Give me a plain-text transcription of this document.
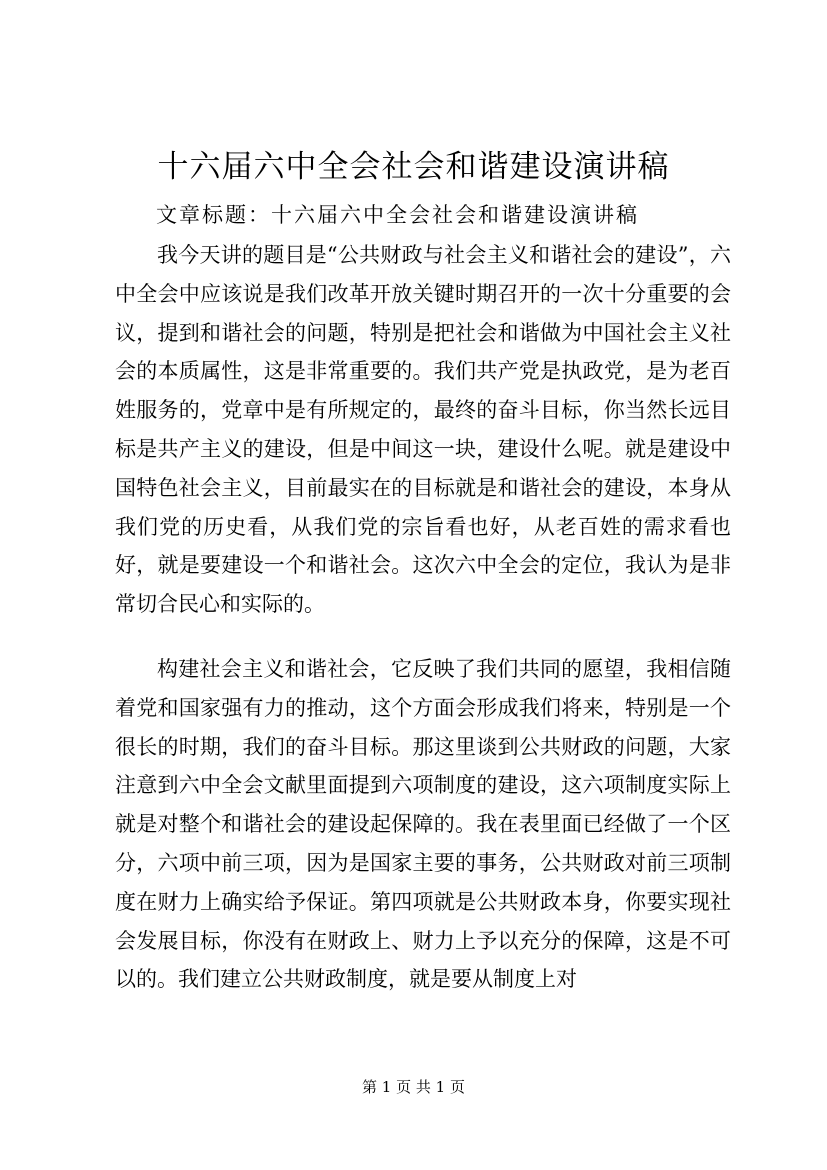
十六届六中全会社会和谐建设演讲稿
文章标题：十六届六中全会社会和谐建设演讲稿

我今天讲的题目是“公共财政与社会主义和谐社会的建设”，六中全会中应该说是我们改革开放关键时期召开的一次十分重要的会议，提到和谐社会的问题，特别是把社会和谐做为中国社会主义社会的本质属性，这是非常重要的。我们共产党是执政党，是为老百姓服务的，党章中是有所规定的，最终的奋斗目标，你当然长远目标是共产主义的建设，但是中间这一块，建设什么呢。就是建设中国特色社会主义，目前最实在的目标就是和谐社会的建设，本身从我们党的历史看，从我们党的宗旨看也好，从老百姓的需求看也好，就是要建设一个和谐社会。这次六中全会的定位，我认为是非常切合民心和实际的。

构建社会主义和谐社会，它反映了我们共同的愿望，我相信随着党和国家强有力的推动，这个方面会形成我们将来，特别是一个很长的时期，我们的奋斗目标。那这里谈到公共财政的问题，大家注意到六中全会文献里面提到六项制度的建设，这六项制度实际上就是对整个和谐社会的建设起保障的。我在表里面已经做了一个区分，六项中前三项，因为是国家主要的事务，公共财政对前三项制度在财力上确实给予保证。第四项就是公共财政本身，你要实现社会发展目标，你没有在财政上、财力上予以充分的保障，这是不可以的。我们建立公共财政制度，就是要从制度上对

第 1 页 共 1 页
